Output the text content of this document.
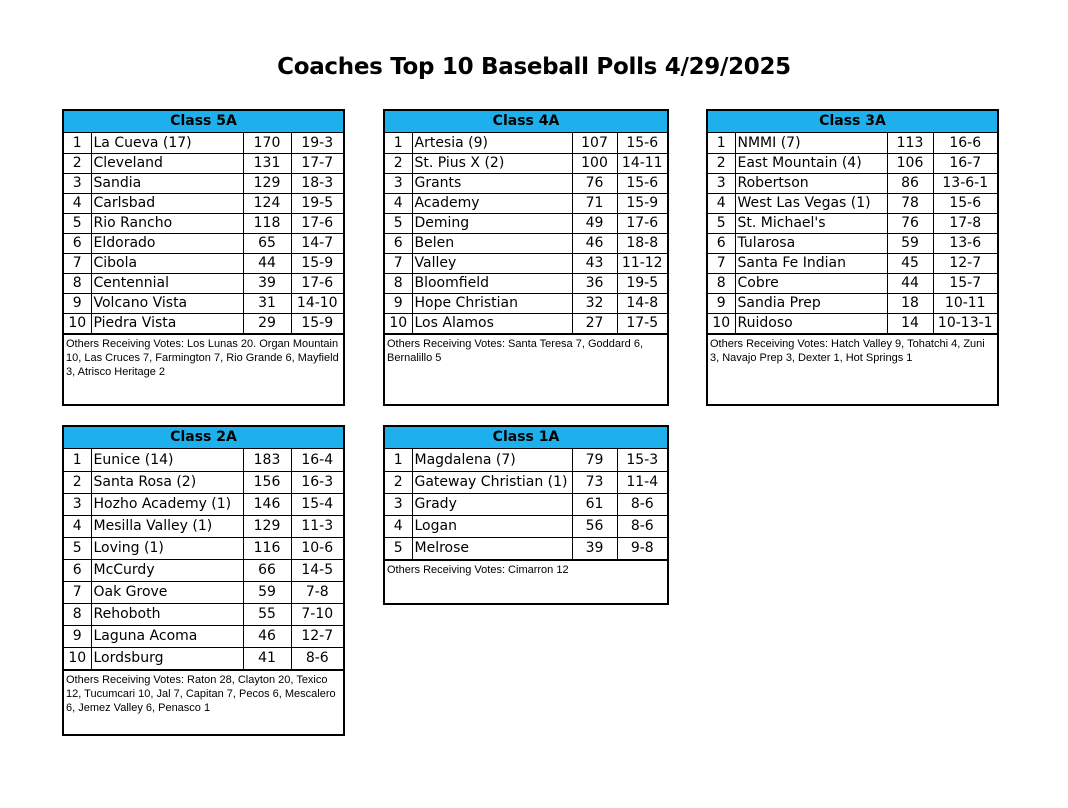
Coaches Top 10 Baseball Polls 4/29/2025
Class 5A
1	La Cueva (17)	170	19-3
2	Cleveland	131	17-7
3	Sandia	129	18-3
4	Carlsbad	124	19-5
5	Rio Rancho	118	17-6
6	Eldorado	65	14-7
7	Cibola	44	15-9
8	Centennial	39	17-6
9	Volcano Vista	31	14-10
10	Piedra Vista	29	15-9
Others Receiving Votes: Los Lunas 20. Organ Mountain 10, Las Cruces 7, Farmington 7, Rio Grande 6, Mayfield 3, Atrisco Heritage 2
Class 4A
1	Artesia (9)	107	15-6
2	St. Pius X (2)	100	14-11
3	Grants	76	15-6
4	Academy	71	15-9
5	Deming	49	17-6
6	Belen	46	18-8
7	Valley	43	11-12
8	Bloomfield	36	19-5
9	Hope Christian	32	14-8
10	Los Alamos	27	17-5
Others Receiving Votes: Santa Teresa 7, Goddard 6, Bernalillo 5
Class 3A
1	NMMI (7)	113	16-6
2	East Mountain (4)	106	16-7
3	Robertson	86	13-6-1
4	West Las Vegas (1)	78	15-6
5	St. Michael's	76	17-8
6	Tularosa	59	13-6
7	Santa Fe Indian	45	12-7
8	Cobre	44	15-7
9	Sandia Prep	18	10-11
10	Ruidoso	14	10-13-1
Others Receiving Votes: Hatch Valley 9, Tohatchi 4, Zuni 3, Navajo Prep 3, Dexter 1, Hot Springs 1
Class 2A
1	Eunice (14)	183	16-4
2	Santa Rosa (2)	156	16-3
3	Hozho Academy (1)	146	15-4
4	Mesilla Valley (1)	129	11-3
5	Loving (1)	116	10-6
6	McCurdy	66	14-5
7	Oak Grove	59	7-8
8	Rehoboth	55	7-10
9	Laguna Acoma	46	12-7
10	Lordsburg	41	8-6
Others Receiving Votes: Raton 28, Clayton 20, Texico 12, Tucumcari 10, Jal 7, Capitan 7, Pecos 6, Mescalero 6, Jemez Valley 6, Penasco 1
Class 1A
1	Magdalena (7)	79	15-3
2	Gateway Christian (1)	73	11-4
3	Grady	61	8-6
4	Logan	56	8-6
5	Melrose	39	9-8
Others Receiving Votes: Cimarron 12
